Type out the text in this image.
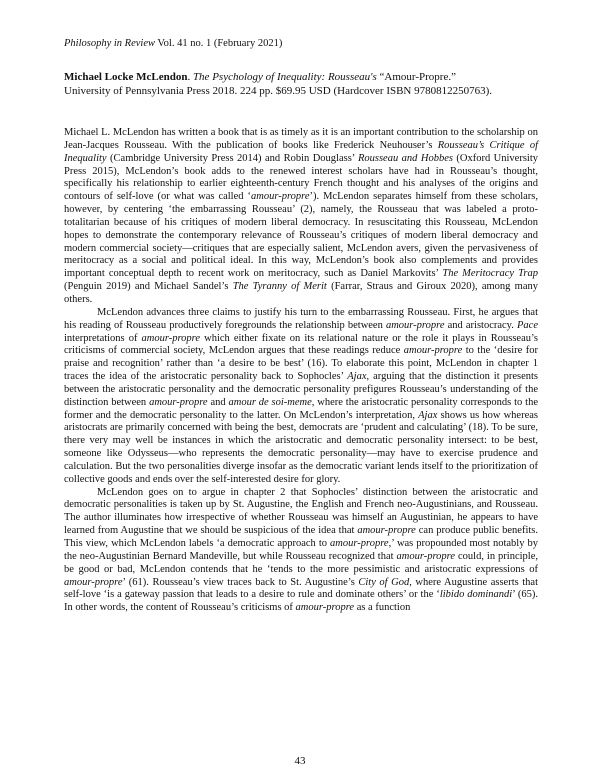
Philosophy in Review Vol. 41 no. 1 (February 2021)
Michael Locke McLendon. The Psychology of Inequality: Rousseau's “Amour-Propre.”
University of Pennsylvania Press 2018. 224 pp. $69.95 USD (Hardcover ISBN 9780812250763).

Michael L. McLendon has written a book that is as timely as it is an important contribution to the scholarship on Jean-Jacques Rousseau. With the publication of books like Frederick Neuhouser’s Rousseau’s Critique of Inequality (Cambridge University Press 2014) and Robin Douglass’ Rousseau and Hobbes (Oxford University Press 2015), McLendon’s book adds to the renewed interest scholars have had in Rousseau’s thought, specifically his relationship to earlier eighteenth-century French thought and his analyses of the origins and contours of self-love (or what was called ‘amour-propre’). McLendon separates himself from these scholars, however, by centering ‘the embarrassing Rousseau’ (2), namely, the Rousseau that was labeled a proto-totalitarian because of his critiques of modern liberal democracy. In resuscitating this Rousseau, McLendon hopes to demonstrate the contemporary relevance of Rousseau’s critiques of modern liberal democracy and modern commercial society—critiques that are especially salient, McLendon avers, given the pervasiveness of meritocracy as a social and political ideal. In this way, McLendon’s book also complements and provides important conceptual depth to recent work on meritocracy, such as Daniel Markovits’ The Meritocracy Trap (Penguin 2019) and Michael Sandel’s The Tyranny of Merit (Farrar, Straus and Giroux 2020), among many others.

McLendon advances three claims to justify his turn to the embarrassing Rousseau. First, he argues that his reading of Rousseau productively foregrounds the relationship between amour-propre and aristocracy. Pace interpretations of amour-propre which either fixate on its relational nature or the role it plays in Rousseau’s criticisms of commercial society, McLendon argues that these readings reduce amour-propre to the ‘desire for praise and recognition’ rather than ‘a desire to be best’ (16). To elaborate this point, McLendon in chapter 1 traces the idea of the aristocratic personality back to Sophocles’ Ajax, arguing that the distinction it presents between the aristocratic personality and the democratic personality prefigures Rousseau’s understanding of the distinction between amour-propre and amour de soi-meme, where the aristocratic personality corresponds to the former and the democratic personality to the latter. On McLendon’s interpretation, Ajax shows us how whereas aristocrats are primarily concerned with being the best, democrats are ‘prudent and calculating’ (18). To be sure, there very may well be instances in which the aristocratic and democratic personality intersect: to be best, someone like Odysseus—who represents the democratic personality—may have to exercise prudence and calculation. But the two personalities diverge insofar as the democratic variant lends itself to the prioritization of collective goods and ends over the self-interested desire for glory.

McLendon goes on to argue in chapter 2 that Sophocles’ distinction between the aristocratic and democratic personalities is taken up by St. Augustine, the English and French neo-Augustinians, and Rousseau. The author illuminates how irrespective of whether Rousseau was himself an Augustinian, he appears to have learned from Augustine that we should be suspicious of the idea that amour-propre can produce public benefits. This view, which McLendon labels ‘a democratic approach to amour-propre,’ was propounded most notably by the neo-Augustinian Bernard Mandeville, but while Rousseau recognized that amour-propre could, in principle, be good or bad, McLendon contends that he ‘tends to the more pessimistic and aristocratic expressions of amour-propre’ (61). Rousseau’s view traces back to St. Augustine’s City of God, where Augustine asserts that self-love ‘is a gateway passion that leads to a desire to rule and dominate others’ or the ‘libido dominandi’ (65). In other words, the content of Rousseau’s criticisms of amour-propre as a function

43
